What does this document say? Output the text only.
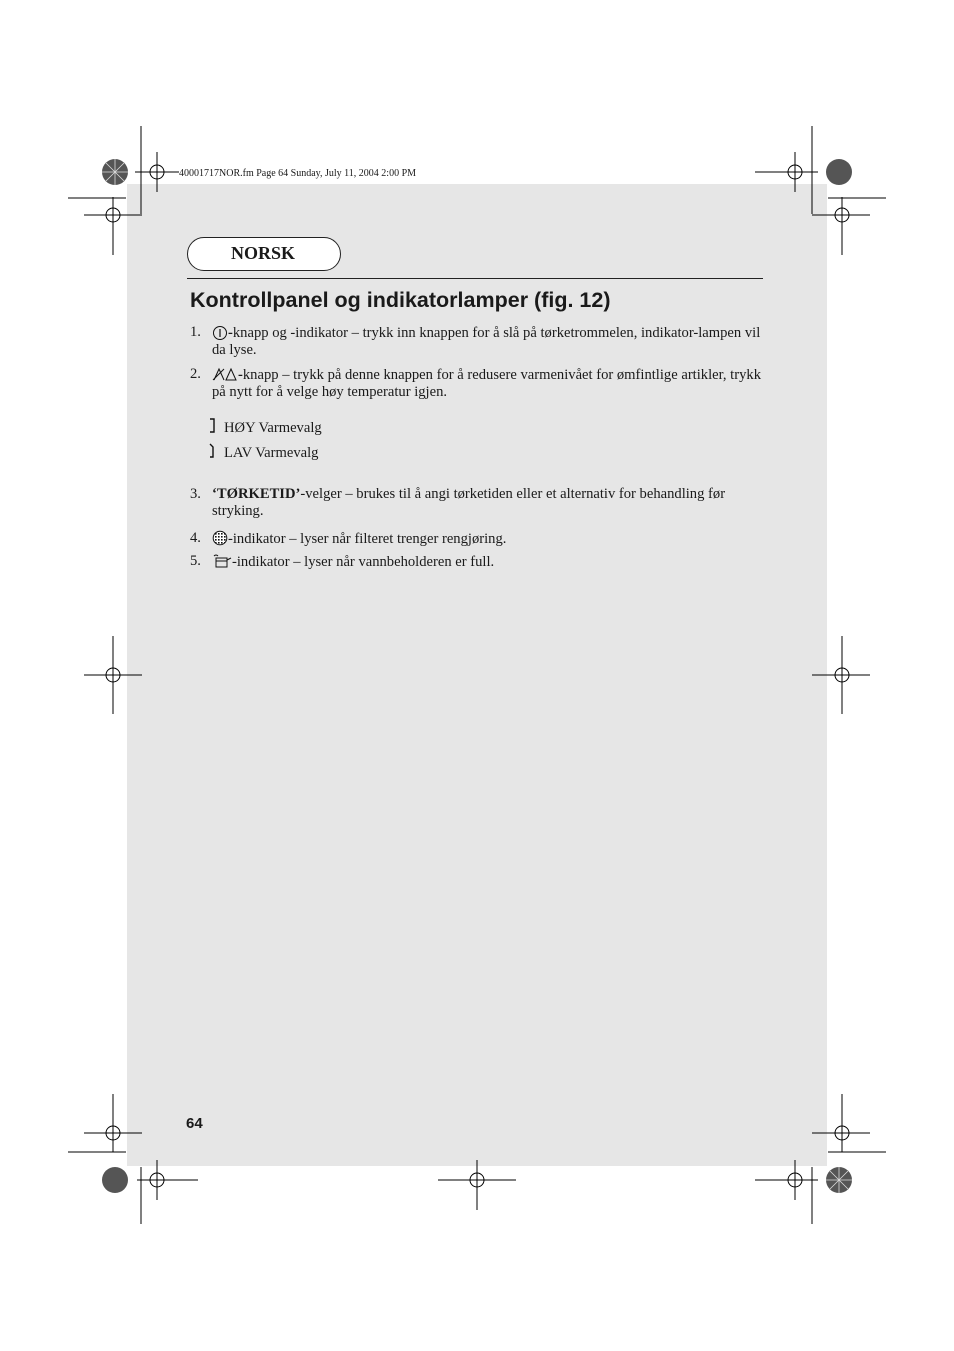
40001717NOR.fm Page 64 Sunday, July 11, 2004 2:00 PM
NORSK
Kontrollpanel og indikatorlamper (fig. 12)
1.	-knapp og -indikator – trykk inn knappen for å slå på tørketrommelen, indikator-lampen vil da lyse.
2.	-knapp – trykk på denne knappen for å redusere varmenivået for ømfintlige artikler, trykk på nytt for å velge høy temperatur igjen.
HØY Varmevalg
LAV Varmevalg
3. ‘TØRKETID’-velger – brukes til å angi tørketiden eller et alternativ for behandling før stryking.
4.	-indikator – lyser når filteret trenger rengjøring.
5.	-indikator – lyser når vannbeholderen er full.
64
